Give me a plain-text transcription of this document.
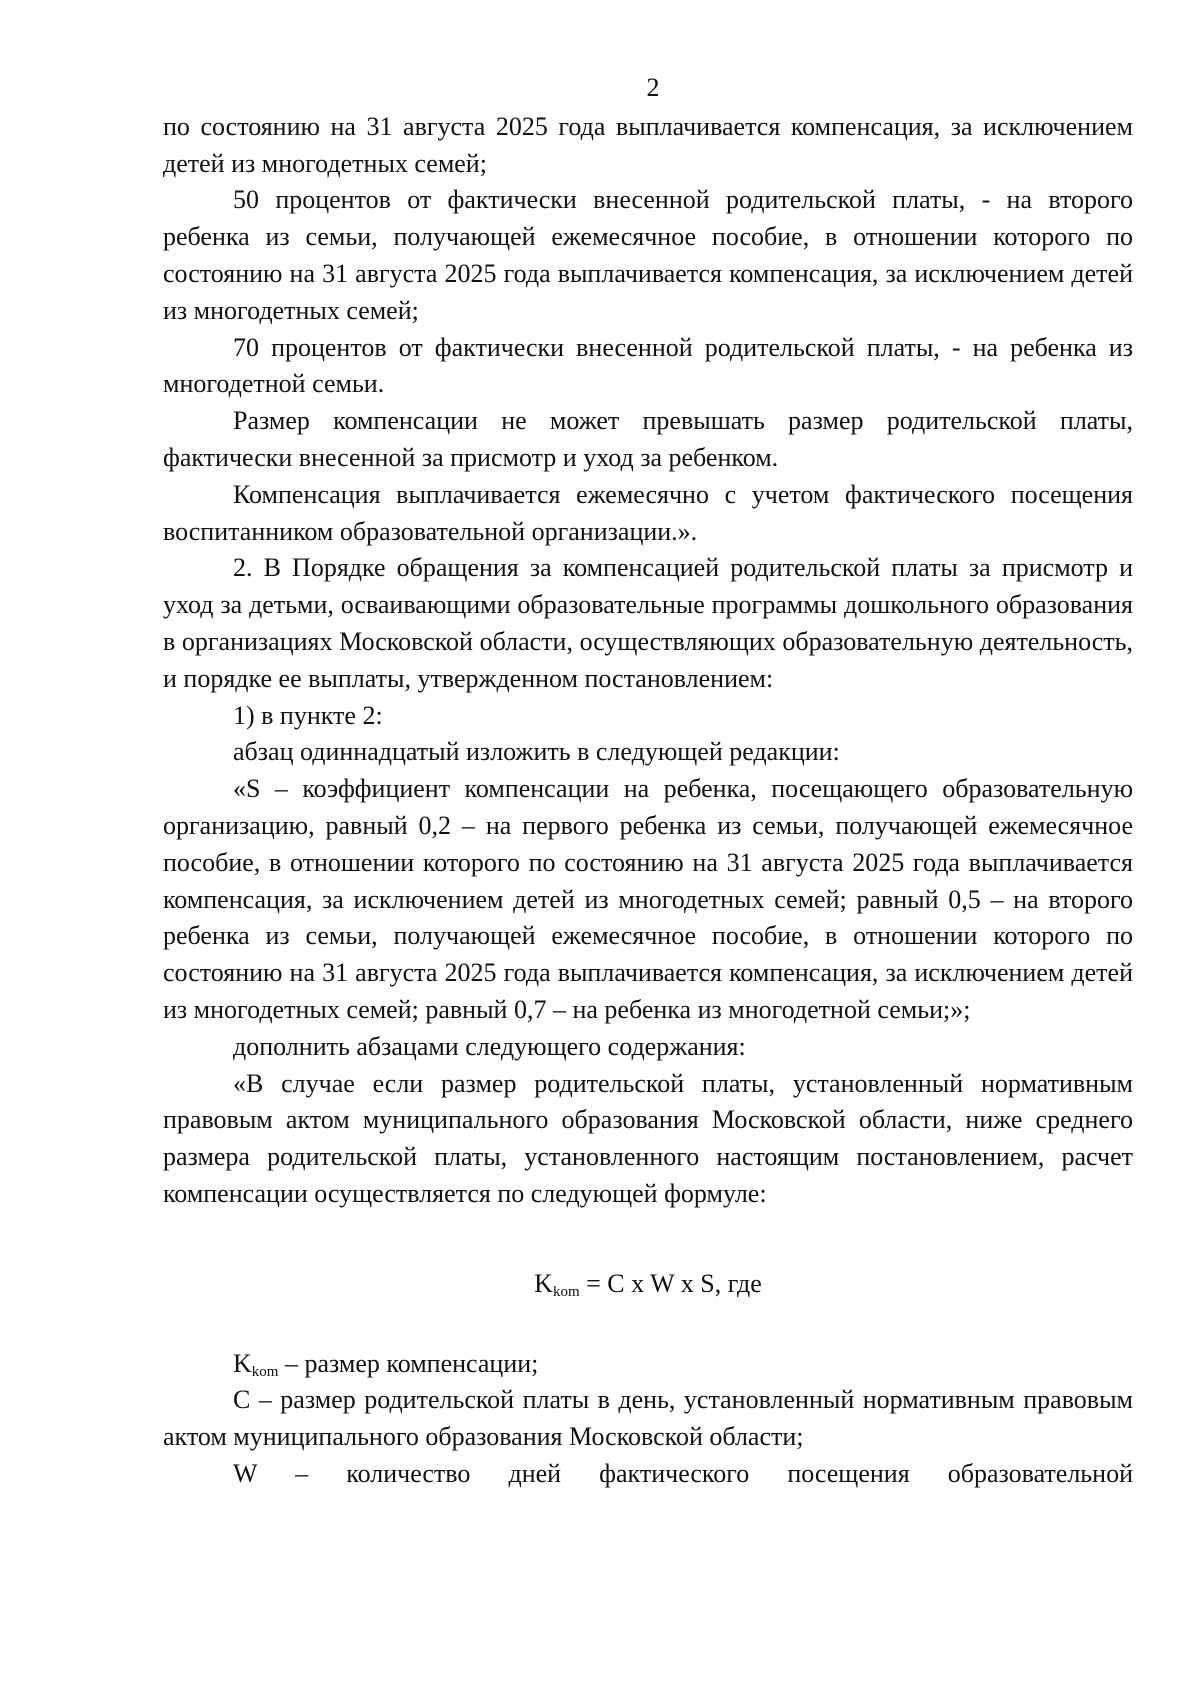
2

по состоянию на 31 августа 2025 года выплачивается компенсация, за исключением детей из многодетных семей;

50 процентов от фактически внесенной родительской платы, - на второго ребенка из семьи, получающей ежемесячное пособие, в отношении которого по состоянию на 31 августа 2025 года выплачивается компенсация, за исключением детей из многодетных семей;

70 процентов от фактически внесенной родительской платы, - на ребенка из многодетной семьи.

Размер компенсации не может превышать размер родительской платы, фактически внесенной за присмотр и уход за ребенком.

Компенсация выплачивается ежемесячно с учетом фактического посещения воспитанником образовательной организации.».

2. В Порядке обращения за компенсацией родительской платы за присмотр и уход за детьми, осваивающими образовательные программы дошкольного образования в организациях Московской области, осуществляющих образовательную деятельность, и порядке ее выплаты, утвержденном постановлением:

1) в пункте 2:

абзац одиннадцатый изложить в следующей редакции:

«S – коэффициент компенсации на ребенка, посещающего образовательную организацию, равный 0,2 – на первого ребенка из семьи, получающей ежемесячное пособие, в отношении которого по состоянию на 31 августа 2025 года выплачивается компенсация, за исключением детей из многодетных семей; равный 0,5 – на второго ребенка из семьи, получающей ежемесячное пособие, в отношении которого по состоянию на 31 августа 2025 года выплачивается компенсация, за исключением детей из многодетных семей; равный 0,7 – на ребенка из многодетной семьи;»;

дополнить абзацами следующего содержания:

«В случае если размер родительской платы, установленный нормативным правовым актом муниципального образования Московской области, ниже среднего размера родительской платы, установленного настоящим постановлением, расчет компенсации осуществляется по следующей формуле:

$K_{kom} = C$ x W x S, где

$K_{kom}$ – размер компенсации;

С – размер родительской платы в день, установленный нормативным правовым актом муниципального образования Московской области;

W – количество дней фактического посещения образовательной
